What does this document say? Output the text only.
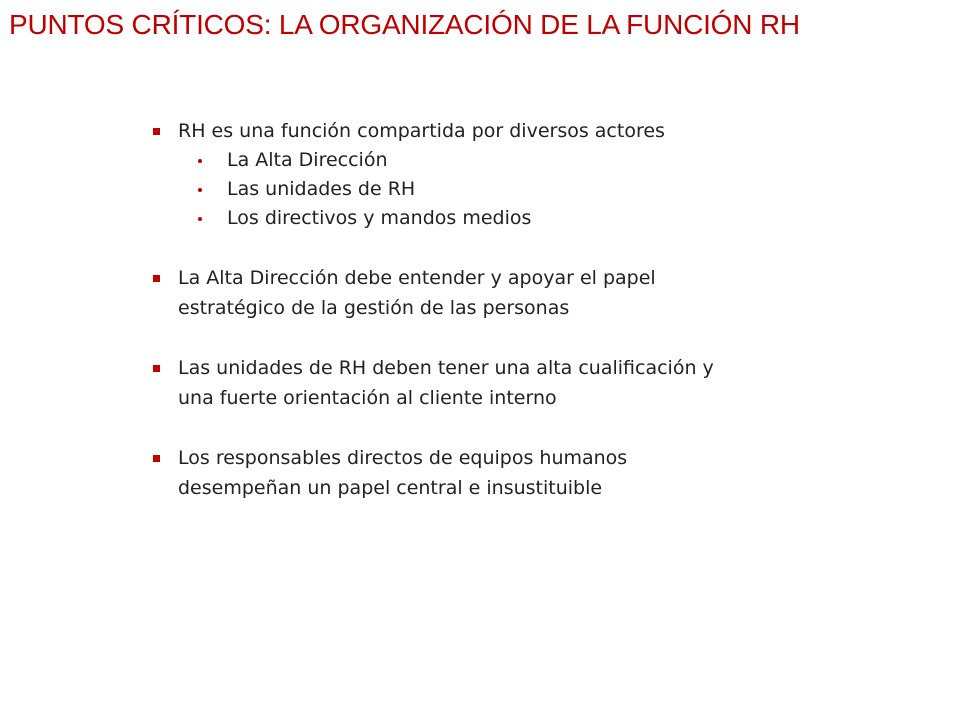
PUNTOS CRÍTICOS: LA ORGANIZACIÓN DE LA FUNCIÓN RH
RH es una función compartida por diversos actores
La Alta Dirección
Las unidades de RH
Los directivos y mandos medios
La Alta Dirección debe entender y apoyar el papel
estratégico de la gestión de las personas
Las unidades de RH deben tener una alta cualificación y
una fuerte orientación al cliente interno
Los responsables directos de equipos humanos
desempeñan un papel central e insustituible
